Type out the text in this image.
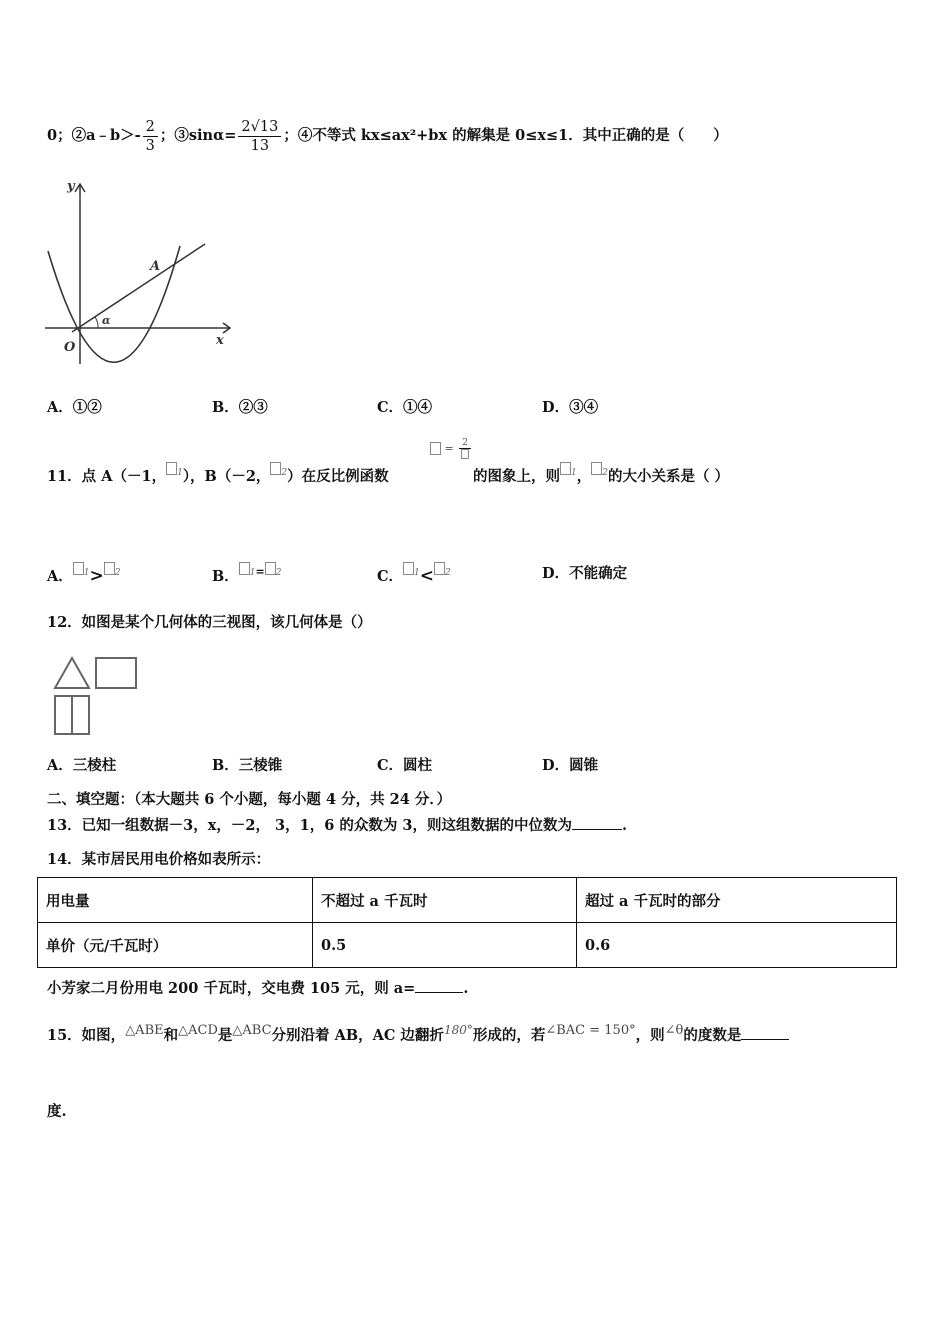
0；②a﹣b＞- $\frac{2}{3}$ ；③sinα= $\frac{2√13}{13}$ ；④不等式 kx≤ax²+bx 的解集是 0≤x≤1．其中正确的是（　　）
y
x
O
A
α
A．①②	B．②③	C．①④	D．③④
11．点 A（－1， $^1$），B（－2， $^2$）在反比例函数
= 2
的图象上，则 $^1$， $^2$的大小关系是（ ）
A． $^1$> $^2$	B． $^{1=}$ $^2$	C． $^1$< $^2$	D．不能确定
12．如图是某个几何体的三视图，该几何体是（）
A．三棱柱	B．三棱锥	C．圆柱	D．圆锥
二、填空题：（本大题共 6 个小题，每小题 4 分，共 24 分．）
13．已知一组数据－3，x，－2， 3，1，6 的众数为 3，则这组数据的中位数为	.
14．某市居民用电价格如表所示：
用电量	不超过 a 千瓦时	超过 a 千瓦时的部分
单价（元/千瓦时）	0.5	0.6
小芳家二月份用电 200 千瓦时，交电费 105 元，则 a=	.
15．如图，△ABE和△ACD是△ABC分别沿着 AB，AC 边翻折$^{180^\circ}$形成的，若∠BAC = 150°，则∠θ的度数是
度.
